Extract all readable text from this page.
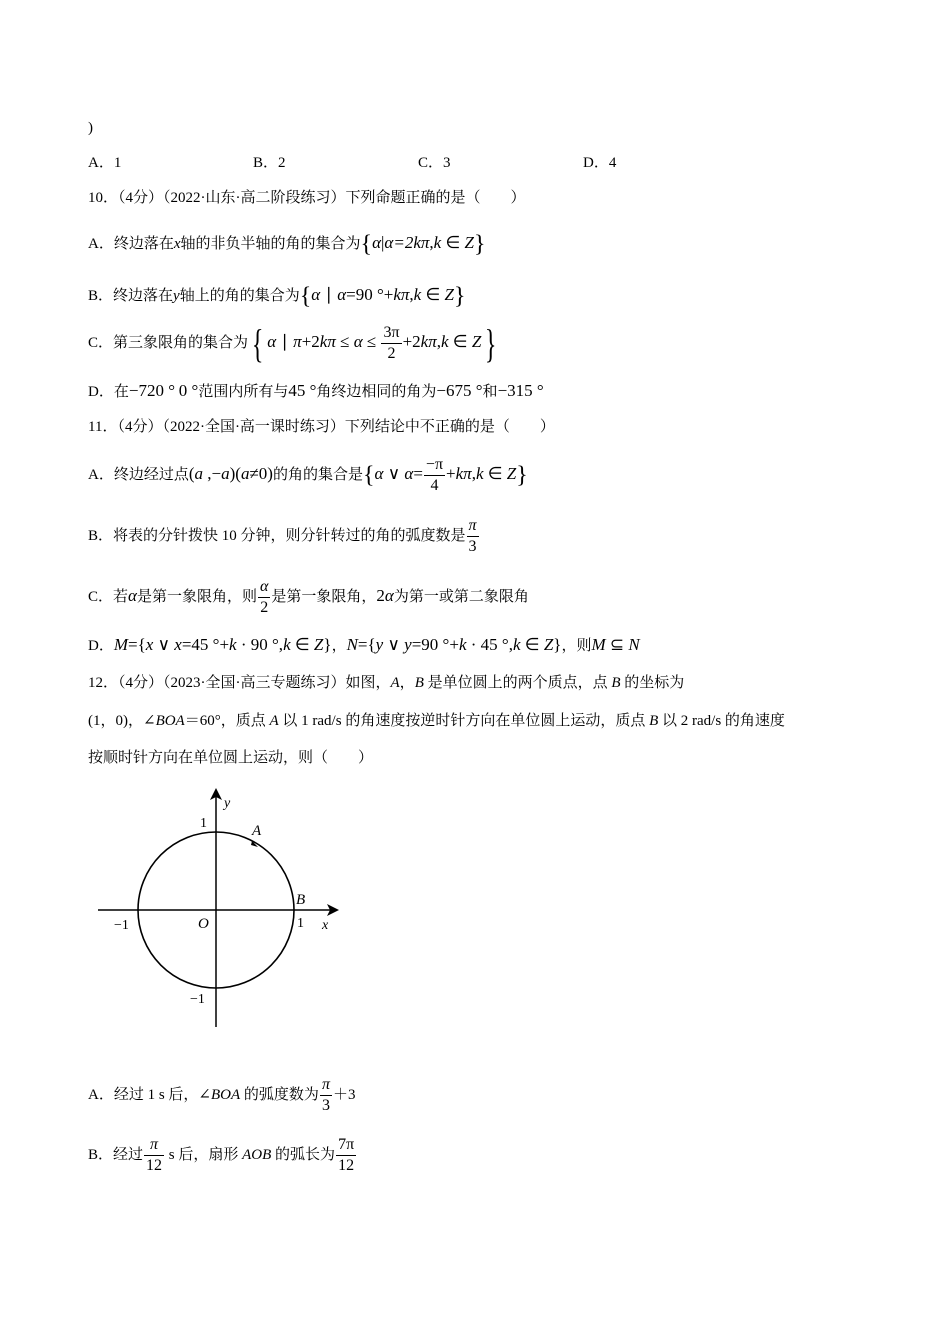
)
A．1	B．2	C．3	D．4
10．（4分）（2022·山东·高二阶段练习）下列命题正确的是（　　）
A．终边落在x轴的非负半轴的角的集合为{α|α=2kπ,k ∈ Z}
B．终边落在y轴上的角的集合为{α ∣ α=90 °+kπ,k ∈ Z}
C．第三象限角的集合为{ α ∣ $\pi+2k\pi \le \alpha \le \frac{3\pi}{2} +2k\pi,k$ ∈ Z}
D．在−720 ° 0 °范围内所有与45 °角终边相同的角为−675 °和−315 °
11．（4分）（2022·全国·高一课时练习）下列结论中不正确的是（　　）
A．终边经过点(a ,−a)(a≠0)的角的集合是{α ∨ $\alpha= \frac{-\pi}{4} +k\pi,k$ ∈ Z}
B．将表的分针拨快 10 分钟，则分针转过的角的弧度数是 $\frac{\pi}{3}$
C．若α是第一象限角，则 $\frac{\alpha}{2}$ 是第一象限角，2α为第一或第二象限角
D．M={x ∨ x=45 °+k · 90 °,k ∈ Z}，N={y ∨ y=90 °+k · 45 °,k ∈ Z}，则M ⊆ N
12．（4分）（2023·全国·高三专题练习）如图，A，B 是单位圆上的两个质点，点 B 的坐标为
(1，0)，∠BOA＝60°，质点 A 以 1 rad/s 的角速度按逆时针方向在单位圆上运动，质点 B 以 2 rad/s 的角速度
按顺时针方向在单位圆上运动，则（　　）
y
x
O
A
B
1
1
−1
−1
A．经过 1 s 后，∠BOA 的弧度数为 $\frac{\pi}{3} +3$
B．经过 $\frac{\pi}{12}$ s 后，扇形 AOB 的弧长为 $\frac{7\pi}{12}$
